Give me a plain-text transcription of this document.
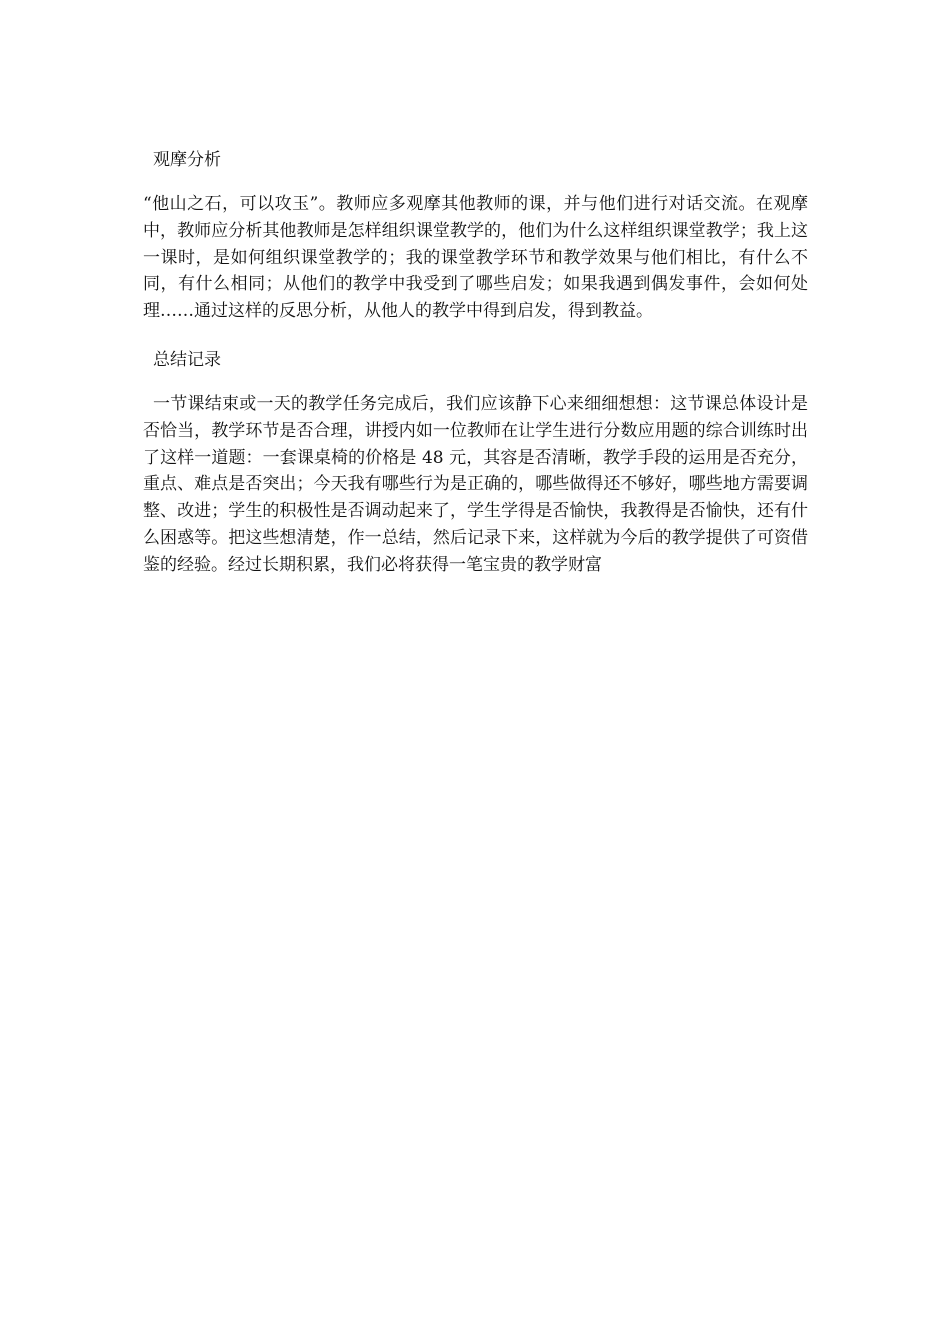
观摩分析

“他山之石，可以攻玉”。教师应多观摩其他教师的课，并与他们进行对话交流。在观摩中，教师应分析其他教师是怎样组织课堂教学的，他们为什么这样组织课堂教学；我上这一课时，是如何组织课堂教学的；我的课堂教学环节和教学效果与他们相比，有什么不同，有什么相同；从他们的教学中我受到了哪些启发；如果我遇到偶发事件，会如何处理……通过这样的反思分析，从他人的教学中得到启发，得到教益。

总结记录

一节课结束或一天的教学任务完成后，我们应该静下心来细细想想：这节课总体设计是否恰当，教学环节是否合理，讲授内如一位教师在让学生进行分数应用题的综合训练时出了这样一道题：一套课桌椅的价格是 48 元，其容是否清晰，教学手段的运用是否充分，重点、难点是否突出；今天我有哪些行为是正确的，哪些做得还不够好，哪些地方需要调整、改进；学生的积极性是否调动起来了，学生学得是否愉快，我教得是否愉快，还有什么困惑等。把这些想清楚，作一总结，然后记录下来，这样就为今后的教学提供了可资借鉴的经验。经过长期积累，我们必将获得一笔宝贵的教学财富
